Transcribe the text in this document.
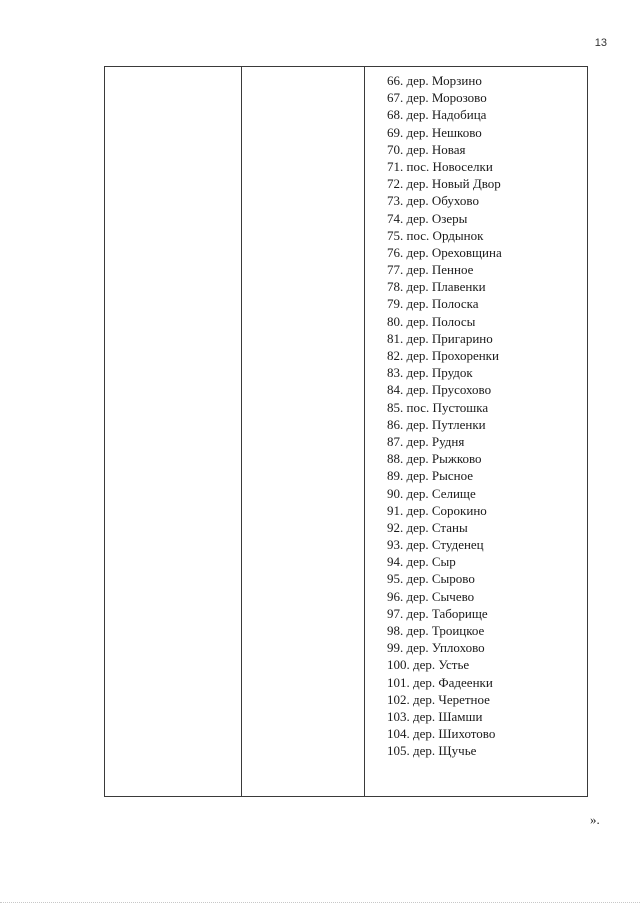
13
66. дер. Морзино
67. дер. Морозово
68. дер. Надобица
69. дер. Нешково
70. дер. Новая
71. пос. Новоселки
72. дер. Новый Двор
73. дер. Обухово
74. дер. Озеры
75. пос. Ордынок
76. дер. Ореховщина
77. дер. Пенное
78. дер. Плавенки
79. дер. Полоска
80. дер. Полосы
81. дер. Пригарино
82. дер. Прохоренки
83. дер. Прудок
84. дер. Прусохово
85. пос. Пустошка
86. дер. Путленки
87. дер. Рудня
88. дер. Рыжково
89. дер. Рысное
90. дер. Селище
91. дер. Сорокино
92. дер. Станы
93. дер. Студенец
94. дер. Сыр
95. дер. Сырово
96. дер. Сычево
97. дер. Таборище
98. дер. Троицкое
99. дер. Уплохово
100. дер. Устье
101. дер. Фадеенки
102. дер. Черетное
103. дер. Шамши
104. дер. Шихотово
105. дер. Щучье
».
